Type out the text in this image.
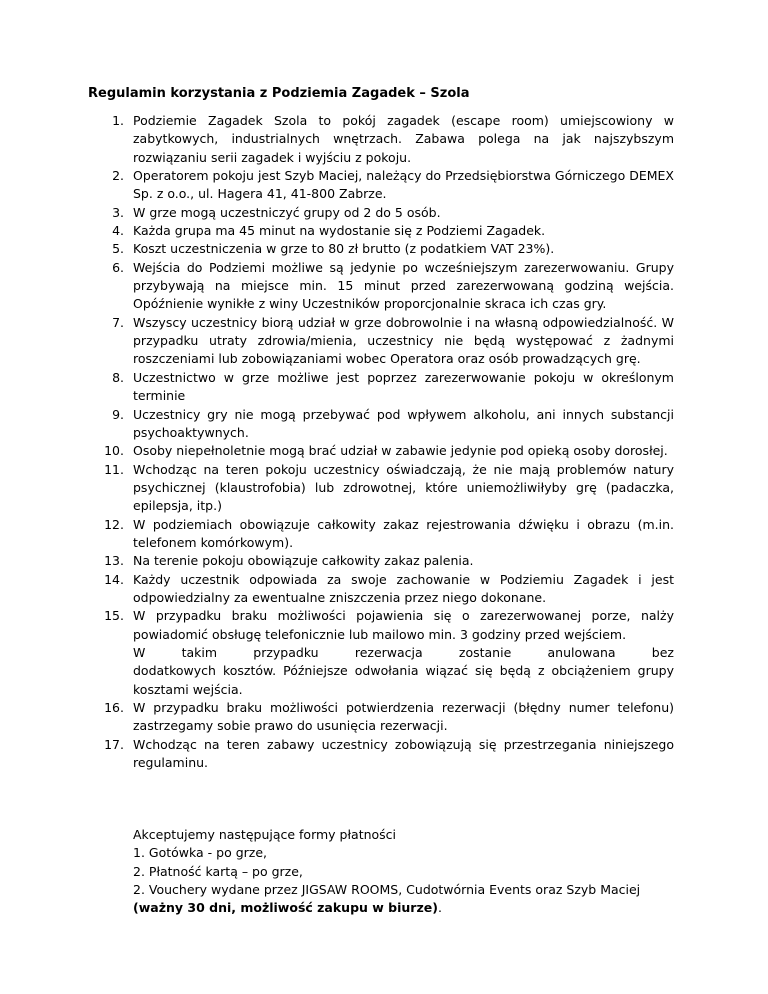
Regulamin korzystania z Podziemia Zagadek – Szola

1. Podziemie Zagadek Szola to pokój zagadek (escape room) umiejscowiony w zabytkowych, industrialnych wnętrzach. Zabawa polega na jak najszybszym rozwiązaniu serii zagadek i wyjściu z pokoju.
2. Operatorem pokoju jest Szyb Maciej, należący do Przedsiębiorstwa Górniczego DEMEX Sp. z o.o., ul. Hagera 41, 41-800 Zabrze.
3. W grze mogą uczestniczyć grupy od 2 do 5 osób.
4. Każda grupa ma 45 minut na wydostanie się z Podziemi Zagadek.
5. Koszt uczestniczenia w grze to 80 zł brutto (z podatkiem VAT 23%).
6. Wejścia do Podziemi możliwe są jedynie po wcześniejszym zarezerwowaniu. Grupy przybywają na miejsce min. 15 minut przed zarezerwowaną godziną wejścia. Opóźnienie wynikłe z winy Uczestników proporcjonalnie skraca ich czas gry.
7. Wszyscy uczestnicy biorą udział w grze dobrowolnie i na własną odpowiedzialność. W przypadku utraty zdrowia/mienia, uczestnicy nie będą występować z żadnymi roszczeniami lub zobowiązaniami wobec Operatora oraz osób prowadzących grę.
8. Uczestnictwo w grze możliwe jest poprzez zarezerwowanie pokoju w określonym terminie
9. Uczestnicy gry nie mogą przebywać pod wpływem alkoholu, ani innych substancji psychoaktywnych.
10. Osoby niepełnoletnie mogą brać udział w zabawie jedynie pod opieką osoby dorosłej.
11. Wchodząc na teren pokoju uczestnicy oświadczają, że nie mają problemów natury psychicznej (klaustrofobia) lub zdrowotnej, które uniemożliwiłyby grę (padaczka, epilepsja, itp.)
12. W podziemiach obowiązuje całkowity zakaz rejestrowania dźwięku i obrazu (m.in. telefonem komórkowym).
13. Na terenie pokoju obowiązuje całkowity zakaz palenia.
14. Każdy uczestnik odpowiada za swoje zachowanie w Podziemiu Zagadek i jest odpowiedzialny za ewentualne zniszczenia przez niego dokonane.
15. W przypadku braku możliwości pojawienia się o zarezerwowanej porze, nalży powiadomić obsługę telefonicznie lub mailowo min. 3 godziny przed wejściem.

W takim przypadku rezerwacja zostanie anulowana bez
dodatkowych kosztów. Późniejsze odwołania wiązać się będą z obciążeniem grupy kosztami wejścia.
16. W przypadku braku możliwości potwierdzenia rezerwacji (błędny numer telefonu) zastrzegamy sobie prawo do usunięcia rezerwacji.
17. Wchodząc na teren zabawy uczestnicy zobowiązują się przestrzegania niniejszego regulaminu.

Akceptujemy następujące formy płatności

1. Gotówka - po grze,

2. Płatność kartą – po grze,

2. Vouchery wydane przez JIGSAW ROOMS, Cudotwórnia Events oraz Szyb Maciej (ważny 30 dni, możliwość zakupu w biurze).
